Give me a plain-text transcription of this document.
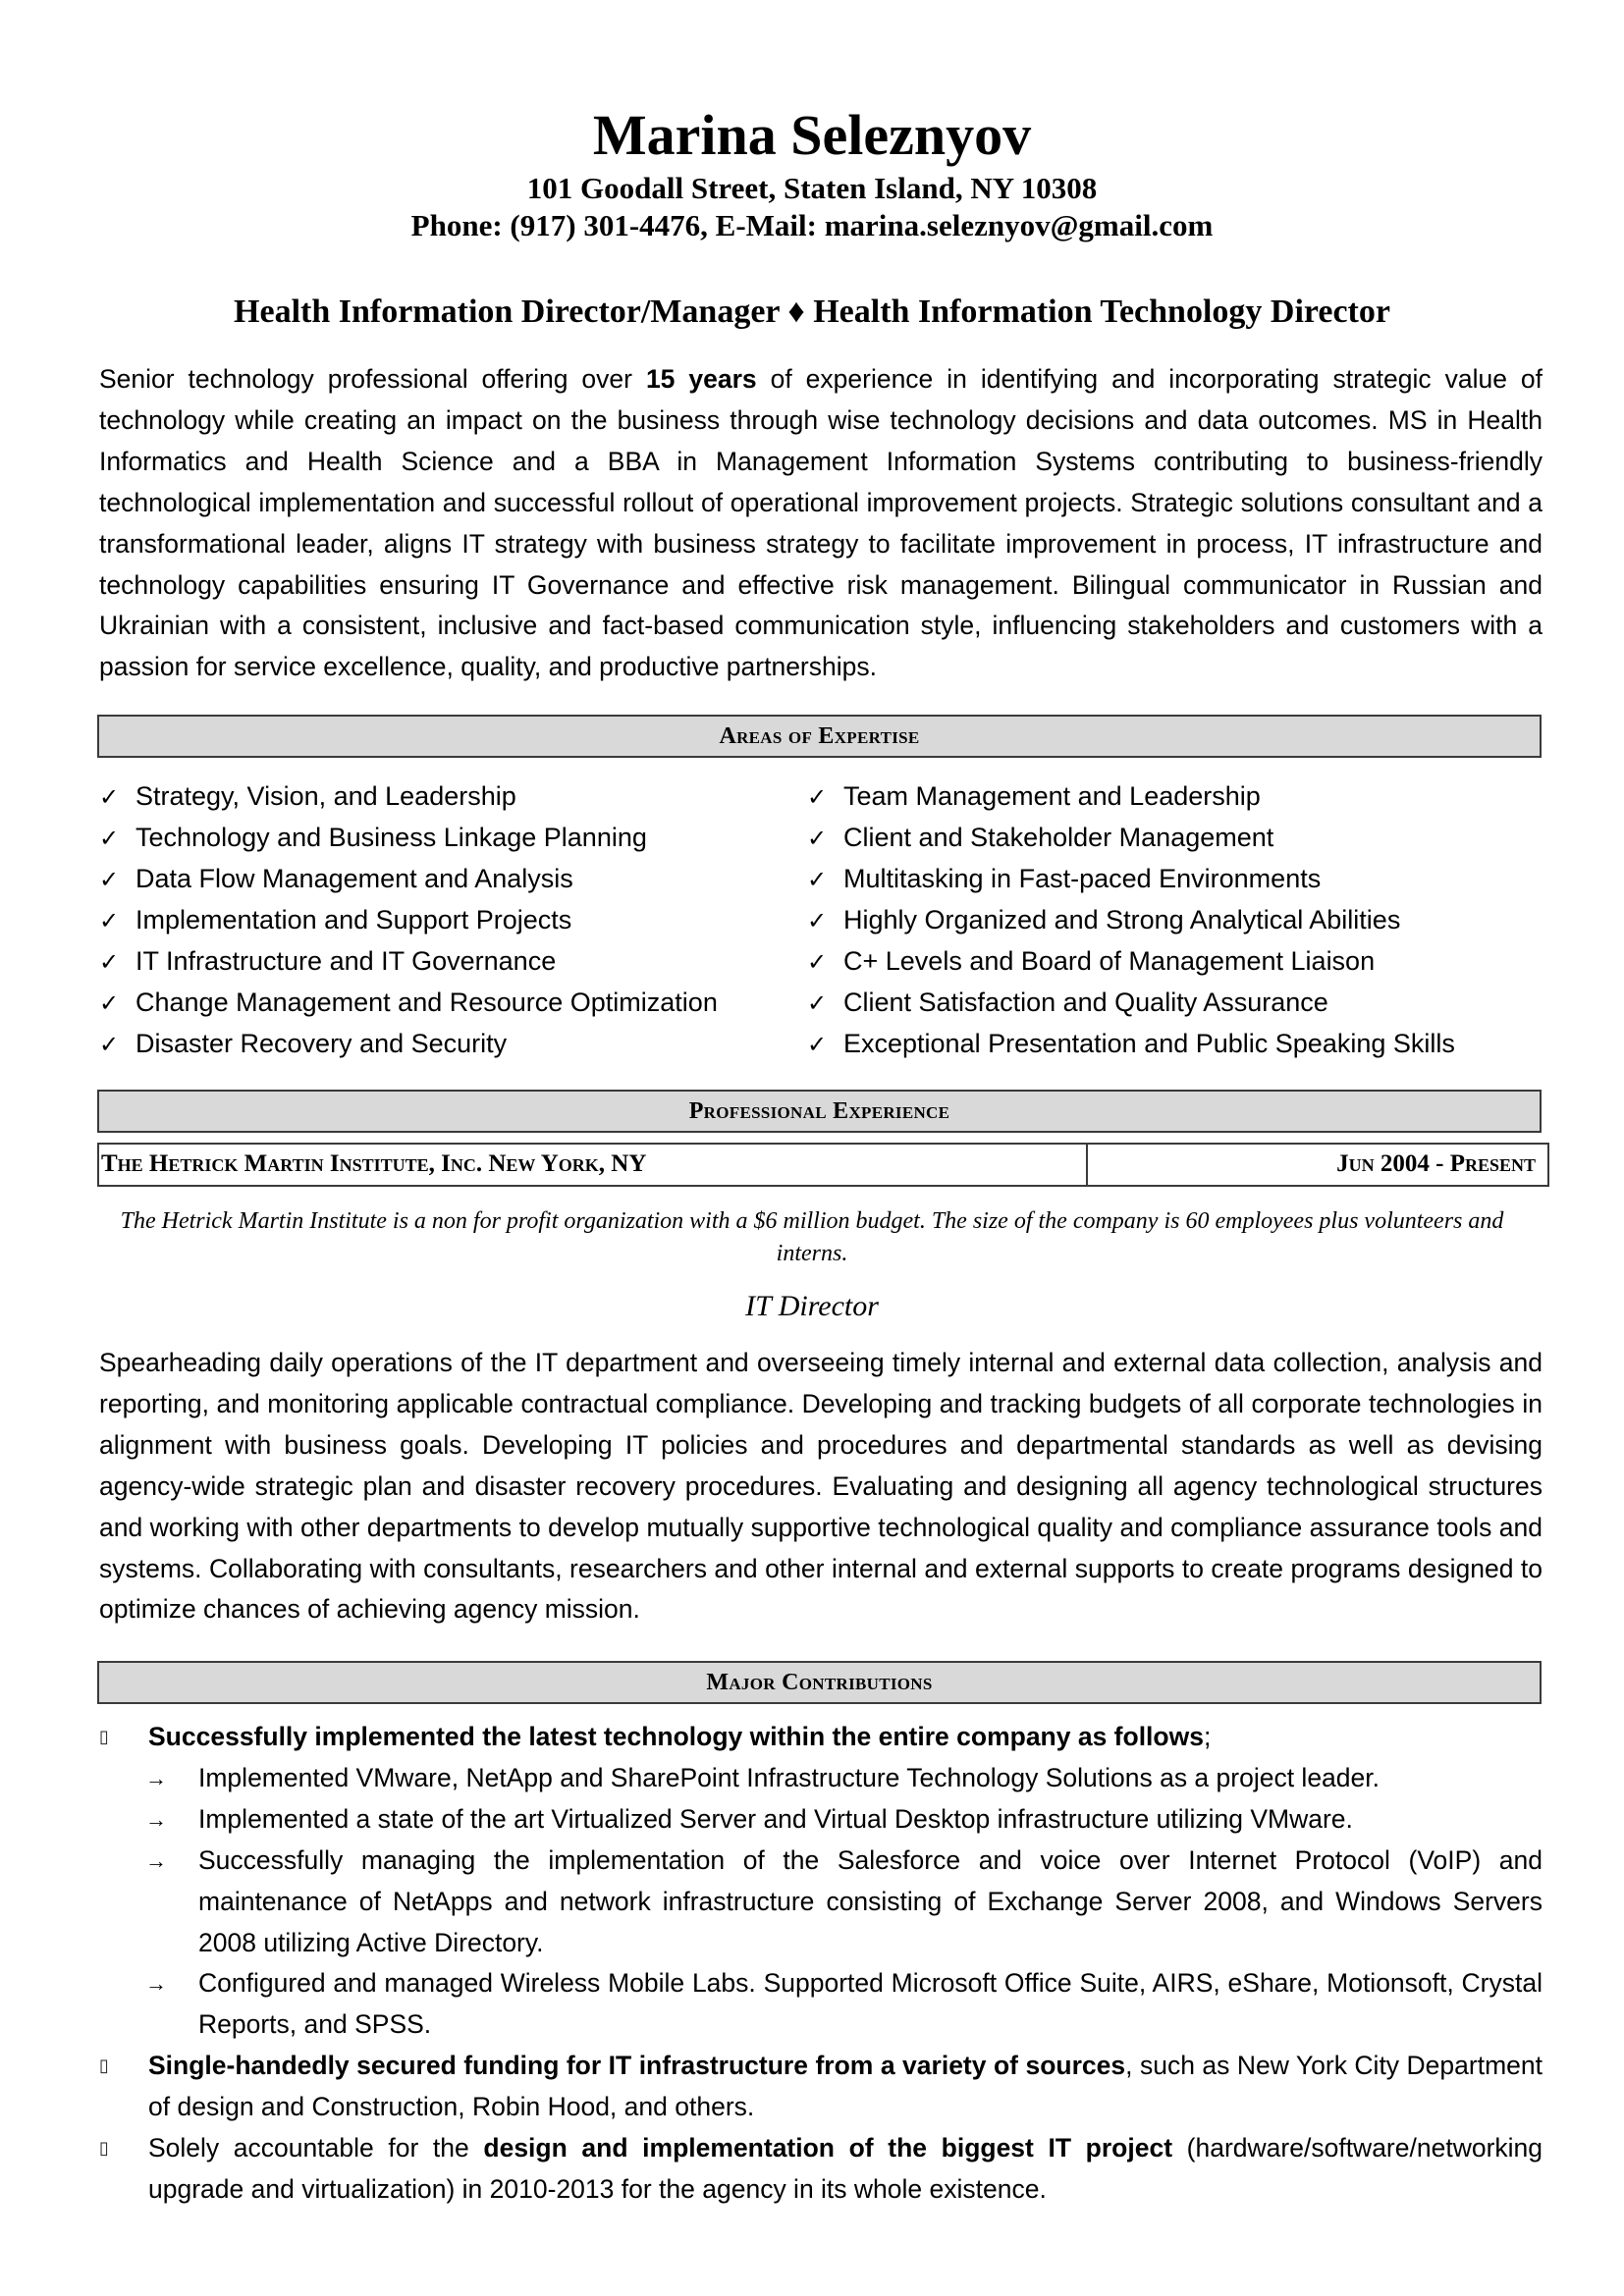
Marina Seleznyov
101 Goodall Street, Staten Island, NY 10308
Phone: (917) 301-4476, E-Mail: marina.seleznyov@gmail.com
Health Information Director/Manager ♦ Health Information Technology Director
Senior technology professional offering over 15 years of experience in identifying and incorporating strategic value of technology while creating an impact on the business through wise technology decisions and data outcomes. MS in Health Informatics and Health Science and a BBA in Management Information Systems contributing to business-friendly technological implementation and successful rollout of operational improvement projects. Strategic solutions consultant and a transformational leader, aligns IT strategy with business strategy to facilitate improvement in process, IT infrastructure and technology capabilities ensuring IT Governance and effective risk management. Bilingual communicator in Russian and Ukrainian with a consistent, inclusive and fact-based communication style, influencing stakeholders and customers with a passion for service excellence, quality, and productive partnerships.
Areas of Expertise
✓ Strategy, Vision, and Leadership
✓ Technology and Business Linkage Planning
✓ Data Flow Management and Analysis
✓ Implementation and Support Projects
✓ IT Infrastructure and IT Governance
✓ Change Management and Resource Optimization
✓ Disaster Recovery and Security
✓ Team Management and Leadership
✓ Client and Stakeholder Management
✓ Multitasking in Fast-paced Environments
✓ Highly Organized and Strong Analytical Abilities
✓ C+ Levels and Board of Management Liaison
✓ Client Satisfaction and Quality Assurance
✓ Exceptional Presentation and Public Speaking Skills
Professional Experience
The Hetrick Martin Institute, Inc. New York, NY	Jun 2004 - Present
The Hetrick Martin Institute is a non for profit organization with a $6 million budget. The size of the company is 60 employees plus volunteers and interns.
IT Director
Spearheading daily operations of the IT department and overseeing timely internal and external data collection, analysis and reporting, and monitoring applicable contractual compliance. Developing and tracking budgets of all corporate technologies in alignment with business goals. Developing IT policies and procedures and departmental standards as well as devising agency-wide strategic plan and disaster recovery procedures. Evaluating and designing all agency technological structures and working with other departments to develop mutually supportive technological quality and compliance assurance tools and systems. Collaborating with consultants, researchers and other internal and external supports to create programs designed to optimize chances of achieving agency mission.
Major Contributions
▯	Successfully implemented the latest technology within the entire company as follows;
→ Implemented VMware, NetApp and SharePoint Infrastructure Technology Solutions as a project leader.
→ Implemented a state of the art Virtualized Server and Virtual Desktop infrastructure utilizing VMware.
→ Successfully managing the implementation of the Salesforce and voice over Internet Protocol (VoIP) and maintenance of NetApps and network infrastructure consisting of Exchange Server 2008, and Windows Servers 2008 utilizing Active Directory.
→ Configured and managed Wireless Mobile Labs. Supported Microsoft Office Suite, AIRS, eShare, Motionsoft, Crystal Reports, and SPSS.
▯	Single-handedly secured funding for IT infrastructure from a variety of sources, such as New York City Department of design and Construction, Robin Hood, and others.
▯	Solely accountable for the design and implementation of the biggest IT project (hardware/software/networking upgrade and virtualization) in 2010-2013 for the agency in its whole existence.
